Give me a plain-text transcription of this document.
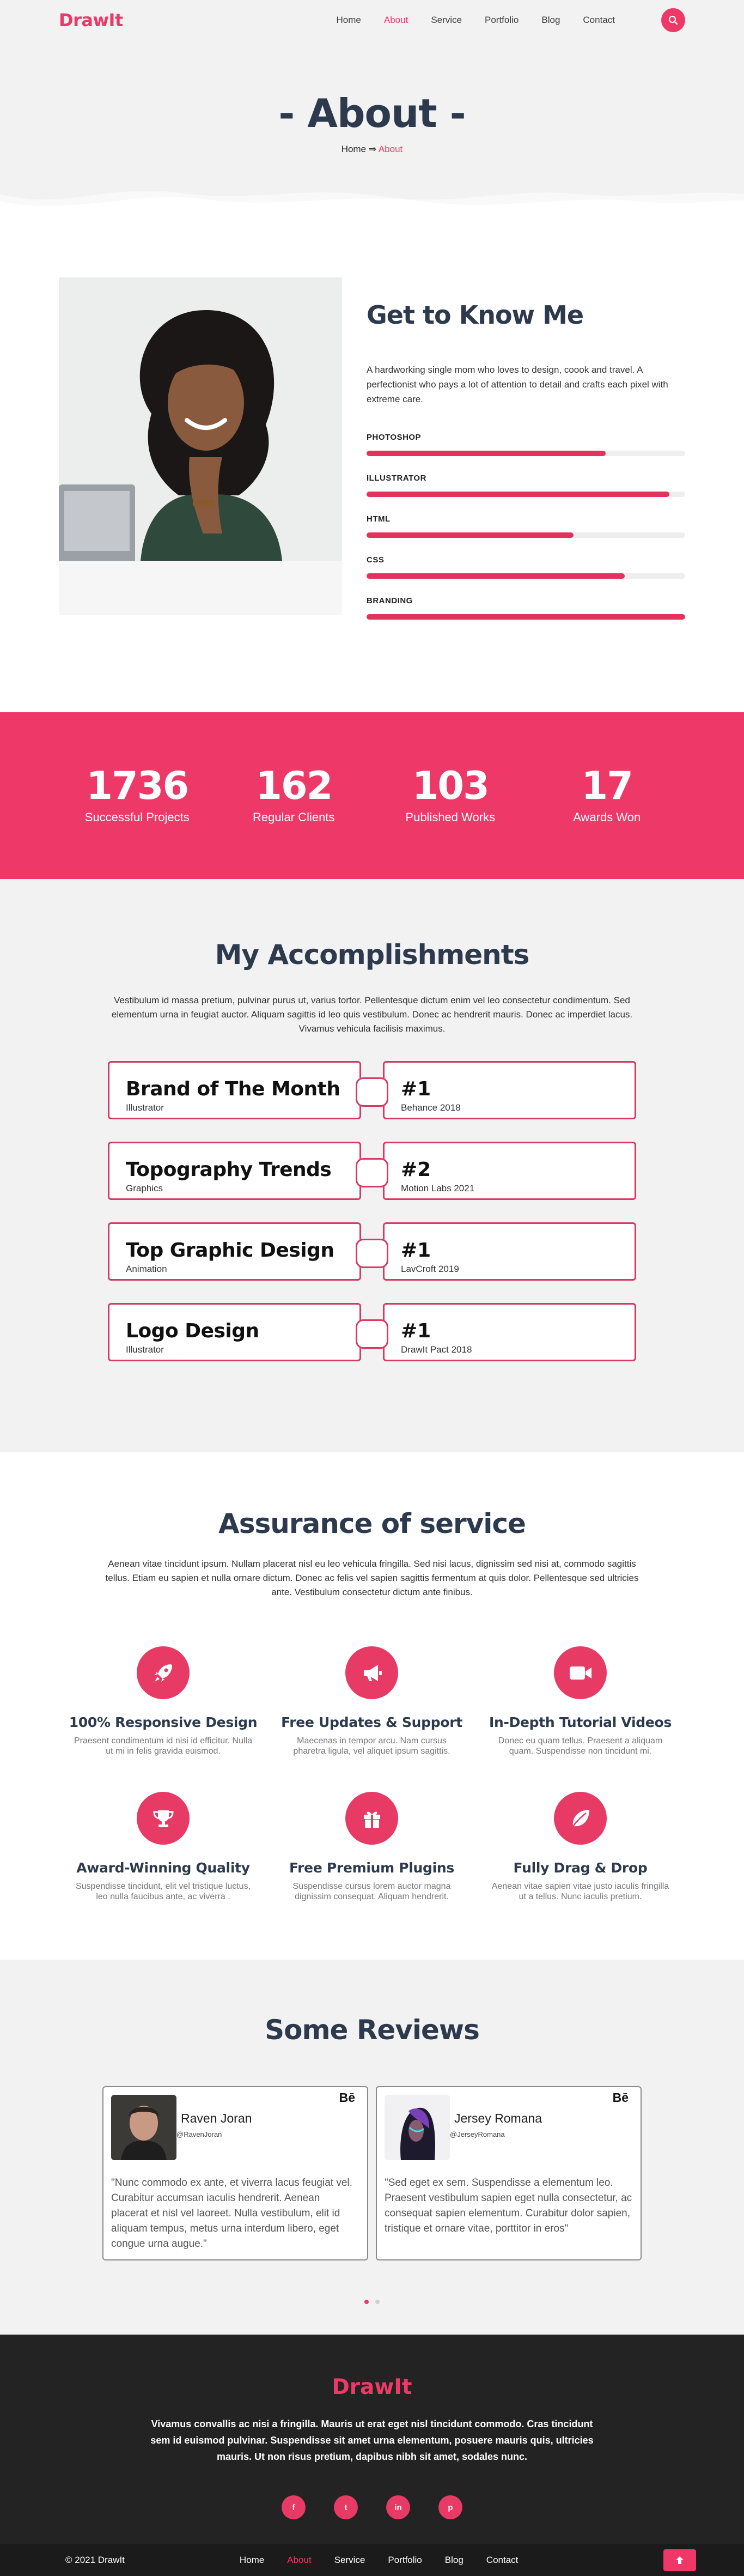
DrawIt	Home About Service Portfolio Blog Contact
- About -
Home ⇒ About
Get to Know Me

A hardworking single mom who loves to design, coook and travel. A perfectionist who pays a lot of attention to detail and crafts each pixel with extreme care.

PHOTOSHOP
ILLUSTRATOR
HTML
CSS
BRANDING
1736
Successful Projects
162
Regular Clients
103
Published Works
17
Awards Won
My Accomplishments

Vestibulum id massa pretium, pulvinar purus ut, varius tortor. Pellentesque dictum enim vel leo consectetur condimentum. Sed elementum urna in feugiat auctor. Aliquam sagittis id leo quis vestibulum. Donec ac hendrerit mauris. Donec ac imperdiet lacus. Vivamus vehicula facilisis maximus.

Brand of The Month
Illustrator
#1
Behance 2018
Topography Trends
Graphics
#2
Motion Labs 2021
Top Graphic Design
Animation
#1
LavCroft 2019
Logo Design
Illustrator
#1
DrawIt Pact 2018
Assurance of service

Aenean vitae tincidunt ipsum. Nullam placerat nisl eu leo vehicula fringilla. Sed nisi lacus, dignissim sed nisi at, commodo sagittis tellus. Etiam eu sapien et nulla ornare dictum. Donec ac felis vel sapien sagittis fermentum at quis dolor. Pellentesque sed ultricies ante. Vestibulum consectetur dictum ante finibus.

100% Responsive Design
Praesent condimentum id nisi id efficitur. Nulla ut mi in felis gravida euismod.
Free Updates & Support
Maecenas in tempor arcu. Nam cursus pharetra ligula, vel aliquet ipsum sagittis.
In-Depth Tutorial Videos
Donec eu quam tellus. Praesent a aliquam quam. Suspendisse non tincidunt mi.
Award-Winning Quality
Suspendisse tincidunt, elit vel tristique luctus, leo nulla faucibus ante, ac viverra .
Free Premium Plugins
Suspendisse cursus lorem auctor magna dignissim consequat. Aliquam hendrerit.
Fully Drag & Drop
Aenean vitae sapien vitae justo iaculis fringilla ut a tellus. Nunc iaculis pretium.
Some Reviews
Raven Joran
@RavenJoran
Bē
"Nunc commodo ex ante, et viverra lacus feugiat vel. Curabitur accumsan iaculis hendrerit. Aenean placerat et nisl vel laoreet. Nulla vestibulum, elit id aliquam tempus, metus urna interdum libero, eget congue urna augue."
Jersey Romana
@JerseyRomana
Bē
"Sed eget ex sem. Suspendisse a elementum leo. Praesent vestibulum sapien eget nulla consectetur, ac consequat sapien elementum. Curabitur dolor sapien, tristique et ornare vitae, porttitor in eros"
DrawIt

Vivamus convallis ac nisi a fringilla. Mauris ut erat eget nisl tincidunt commodo. Cras tincidunt sem id euismod pulvinar. Suspendisse sit amet urna elementum, posuere mauris quis, ultricies mauris. Ut non risus pretium, dapibus nibh sit amet, sodales nunc.

f	t	in	p
© 2021 DrawIt	Home About Service Portfolio Blog Contact
